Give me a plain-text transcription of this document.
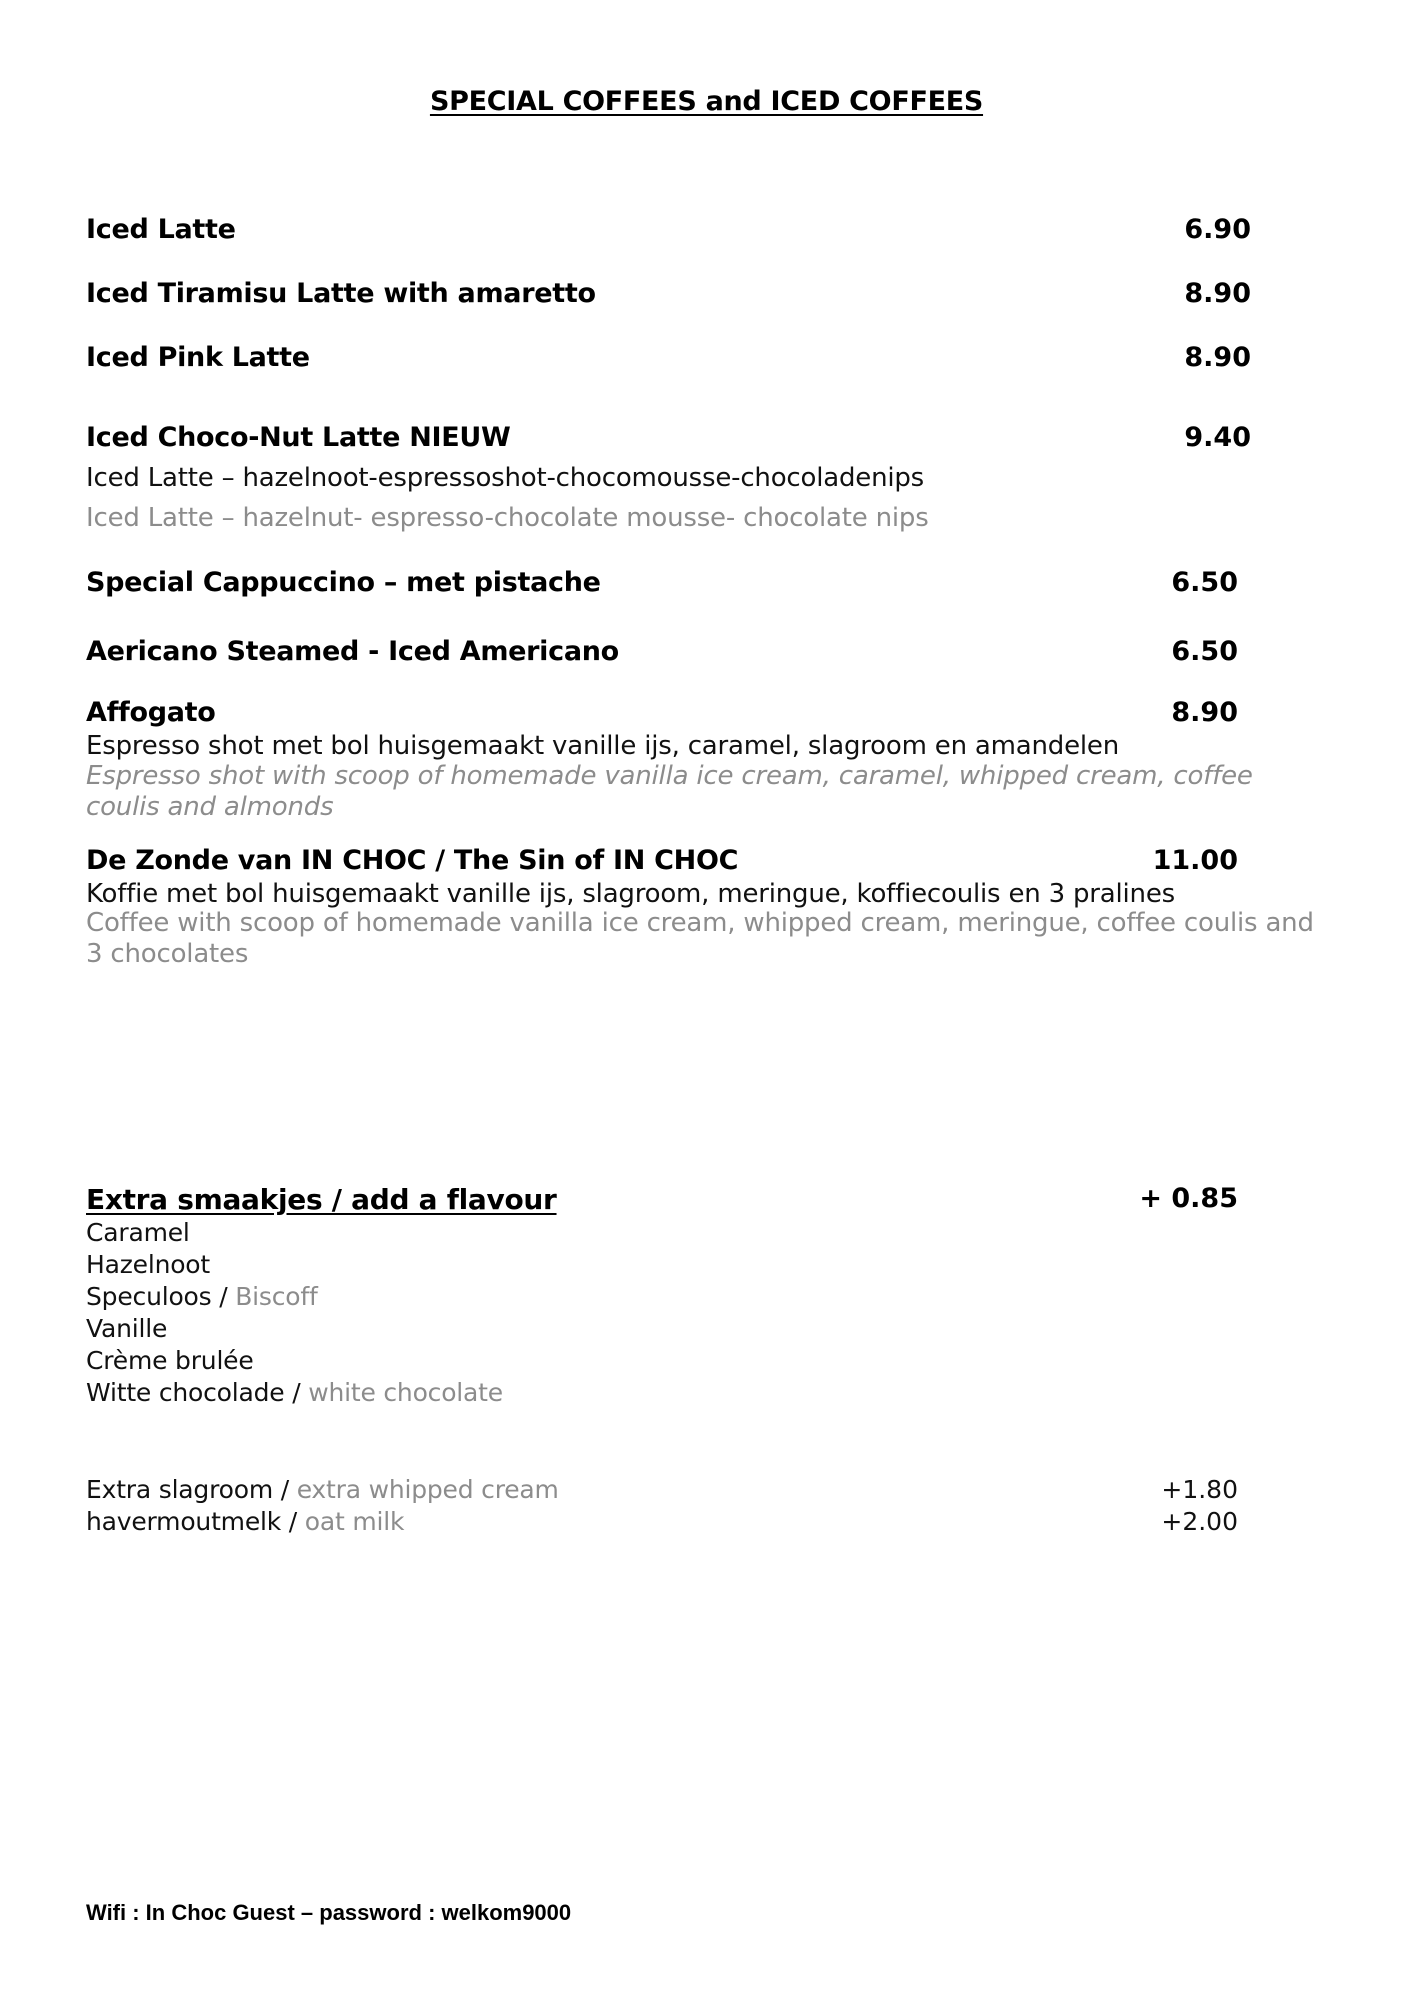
SPECIAL COFFEES and ICED COFFEES
Iced Latte	6.90
Iced Tiramisu Latte with amaretto	8.90
Iced Pink Latte	8.90
Iced Choco-Nut Latte NIEUW	9.40
Iced Latte – hazelnoot-espressoshot-chocomousse-chocoladenips
Iced Latte – hazelnut- espresso-chocolate mousse- chocolate nips
Special Cappuccino – met pistache	6.50
Aericano Steamed - Iced Americano	6.50
Affogato	8.90
Espresso shot met bol huisgemaakt vanille ijs, caramel, slagroom en amandelen
Espresso shot with scoop of homemade vanilla ice cream, caramel, whipped cream, coffee coulis and almonds
De Zonde van IN CHOC / The Sin of IN CHOC	11.00
Koffie met bol huisgemaakt vanille ijs, slagroom, meringue, koffiecoulis en 3 pralines
Coffee with scoop of homemade vanilla ice cream, whipped cream, meringue, coffee coulis and 3 chocolates
Extra smaakjes / add a flavour	+ 0.85
Caramel
Hazelnoot
Speculoos / Biscoff
Vanille
Crème brulée
Witte chocolade / white chocolate
Extra slagroom / extra whipped cream	+1.80
havermoutmelk / oat milk	+2.00
Wifi : In Choc Guest – password : welkom9000
